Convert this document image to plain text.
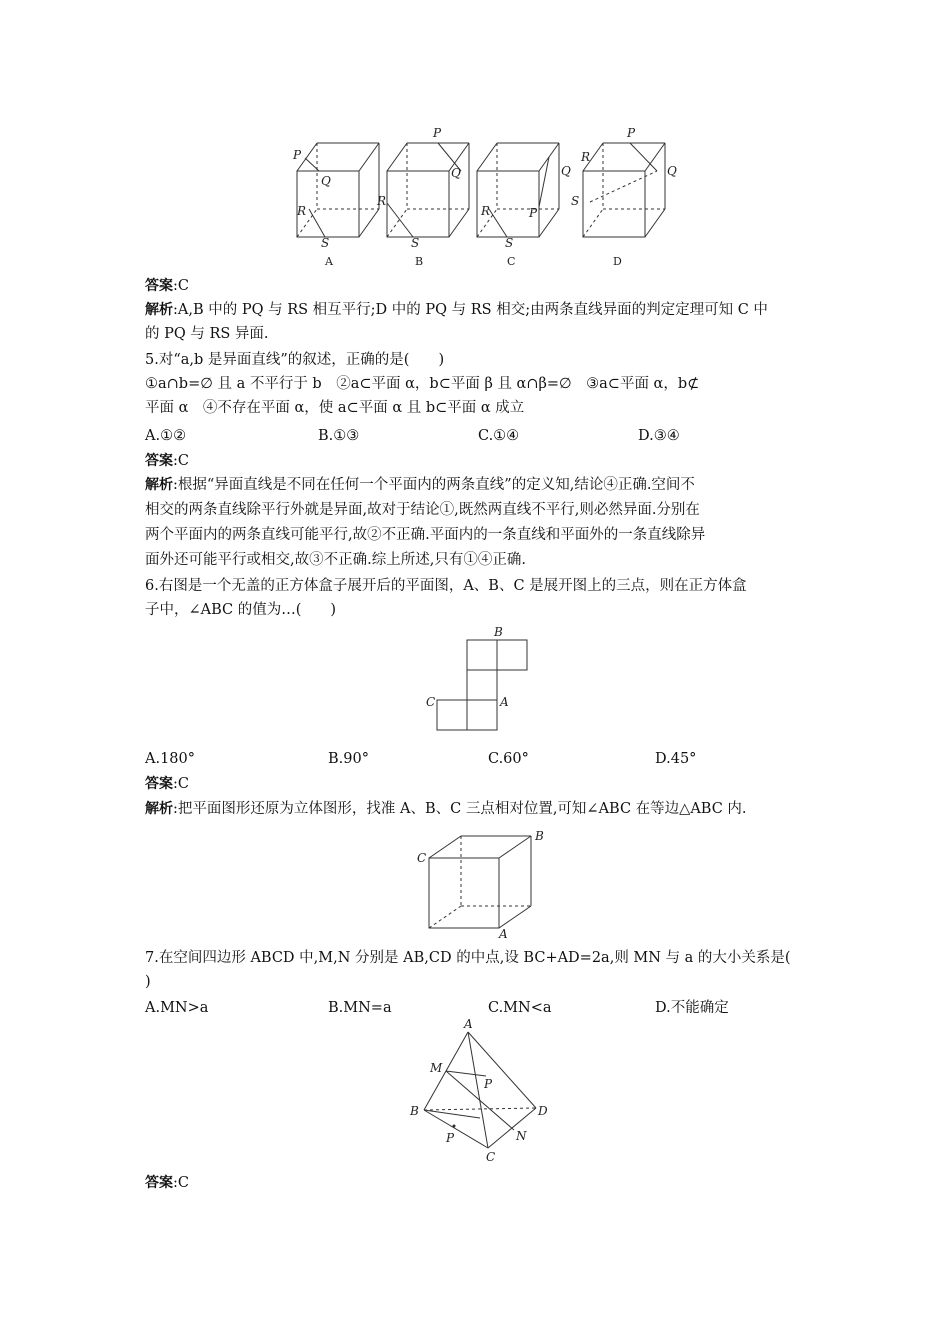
P
Q
R
S
P
Q
R
S
Q
P
R
S
P
Q
R
S
A	B	C	D
答案:C
解析:A,B 中的 PQ 与 RS 相互平行;D 中的 PQ 与 RS 相交;由两条直线异面的判定定理可知 C 中
的 PQ 与 RS 异面.
5.对“a,b 是异面直线”的叙述，正确的是(　　)
①a∩b=∅ 且 a 不平行于 b　②a⊂平面 α，b⊂平面 β 且 α∩β=∅　③a⊂平面 α，b⊄
平面 α　④不存在平面 α，使 a⊂平面 α 且 b⊂平面 α 成立
A.①②	B.①③	C.①④	D.③④
答案:C
解析:根据“异面直线是不同在任何一个平面内的两条直线”的定义知,结论④正确.空间不
相交的两条直线除平行外就是异面,故对于结论①,既然两直线不平行,则必然异面.分别在
两个平面内的两条直线可能平行,故②不正确.平面内的一条直线和平面外的一条直线除异
面外还可能平行或相交,故③不正确.综上所述,只有①④正确.
6.右图是一个无盖的正方体盒子展开后的平面图，A、B、C 是展开图上的三点，则在正方体盒
子中，∠ABC 的值为…(　　)
B
C	A
A.180°	B.90°	C.60°	D.45°
答案:C
解析:把平面图形还原为立体图形，找准 A、B、C 三点相对位置,可知∠ABC 在等边△ABC 内.
C
B
A
7.在空间四边形 ABCD 中,M,N 分别是 AB,CD 的中点,设 BC+AD=2a,则 MN 与 a 的大小关系是(
)
A.MN>a	B.MN=a	C.MN<a	D.不能确定
A
M
P
B	D
P	N
C
答案:C
